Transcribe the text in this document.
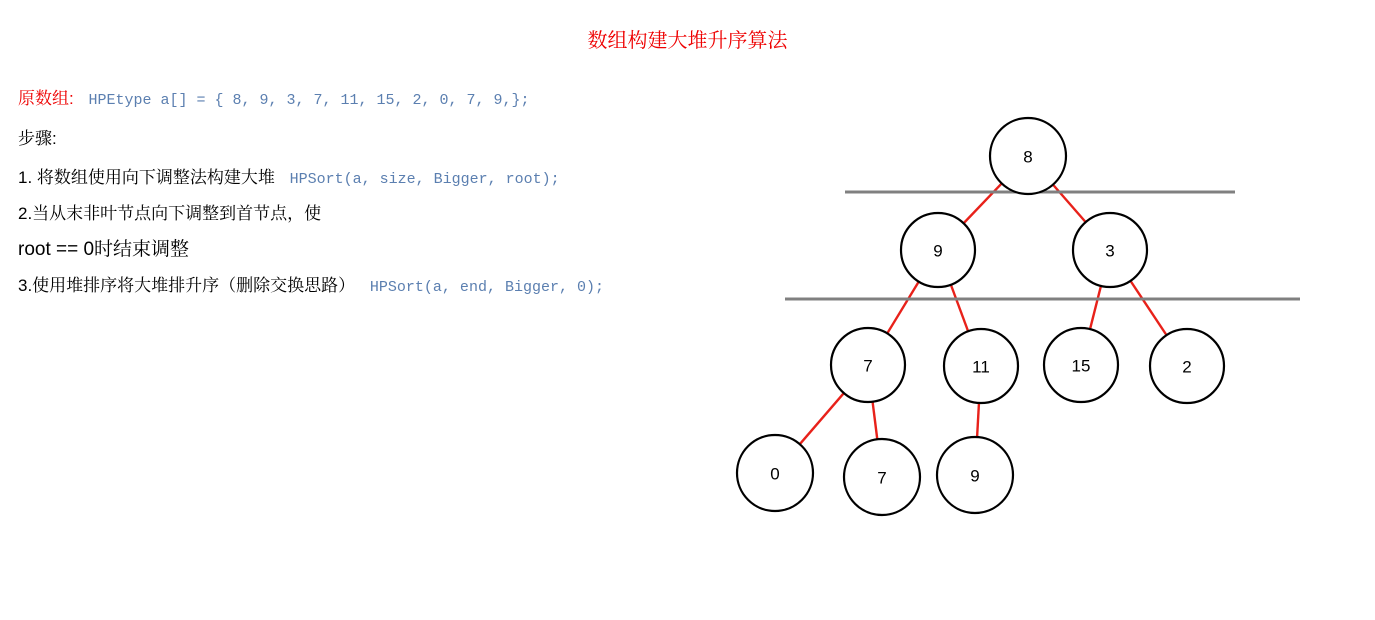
数组构建大堆升序算法
原数组: HPEtype a[] = { 8, 9, 3, 7, 11, 15, 2, 0, 7, 9,};
步骤:
1. 将数组使用向下调整法构建大堆 HPSort(a, size, Bigger, root);
2.当从末非叶节点向下调整到首节点，使
root == 0时结束调整
3.使用堆排序将大堆排升序（删除交换思路） HPSort(a, end, Bigger, 0);
8
9	3
7	11	15	2
0	7	9
